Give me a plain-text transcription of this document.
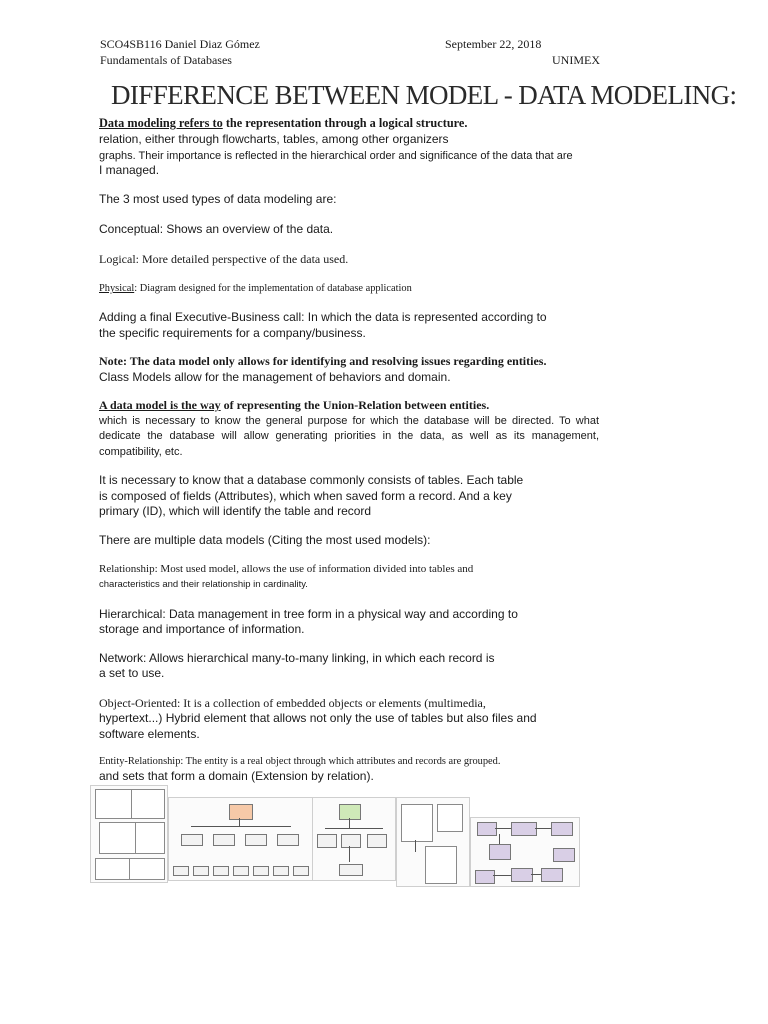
SCO4SB116 Daniel Diaz Gómez
Fundamentals of Databases
September 22, 2018
UNIMEX
DIFFERENCE BETWEEN MODEL - DATA MODELING:

Data modeling refers to the representation through a logical structure.

relation, either through flowcharts, tables, among other organizers

graphs. Their importance is reflected in the hierarchical order and significance of the data that are

I managed.

The 3 most used types of data modeling are:

Conceptual: Shows an overview of the data.

Logical: More detailed perspective of the data used.

Physical: Diagram designed for the implementation of database application

Adding a final Executive-Business call: In which the data is represented according to

the specific requirements for a company/business.

Note: The data model only allows for identifying and resolving issues regarding entities.

Class Models allow for the management of behaviors and domain.

A data model is the way of representing the Union-Relation between entities.

which is necessary to know the general purpose for which the database will be directed. To what dedicate the database will allow generating priorities in the data, as well as its management, compatibility, etc.

It is necessary to know that a database commonly consists of tables. Each table

is composed of fields (Attributes), which when saved form a record. And a key

primary (ID), which will identify the table and record

There are multiple data models (Citing the most used models):

Relationship: Most used model, allows the use of information divided into tables and

characteristics and their relationship in cardinality.

Hierarchical: Data management in tree form in a physical way and according to

storage and importance of information.

Network: Allows hierarchical many-to-many linking, in which each record is

a set to use.

Object-Oriented: It is a collection of embedded objects or elements (multimedia,

hypertext...) Hybrid element that allows not only the use of tables but also files and

software elements.

Entity-Relationship: The entity is a real object through which attributes and records are grouped.

and sets that form a domain (Extension by relation).
